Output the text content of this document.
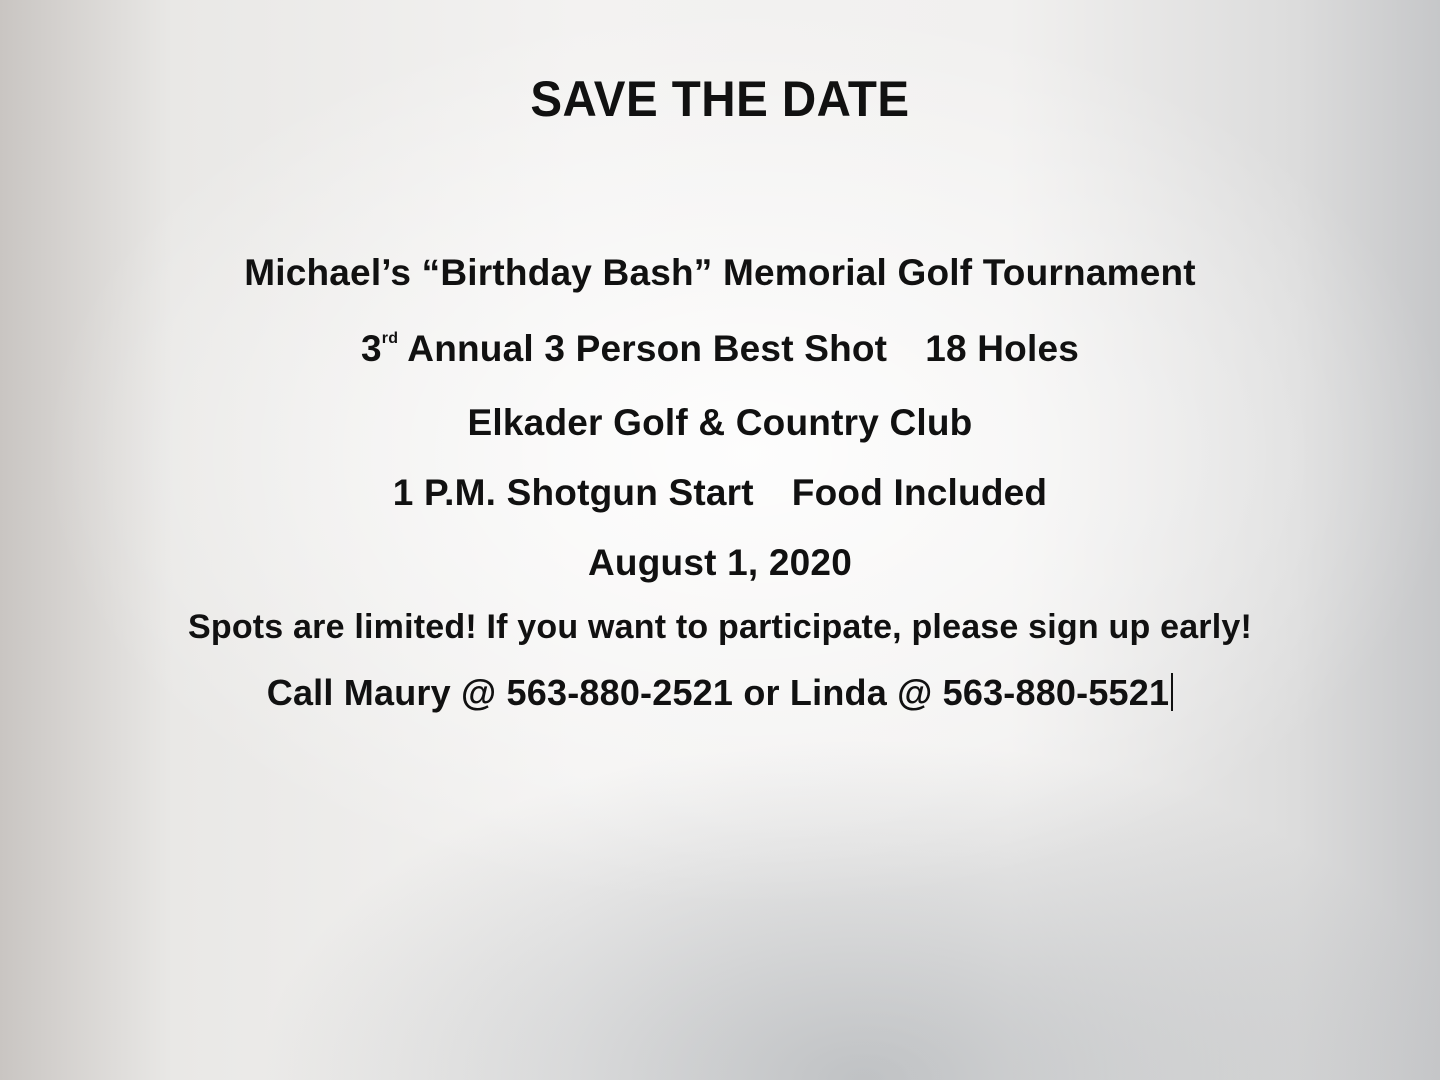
SAVE THE DATE
Michael’s “Birthday Bash” Memorial Golf Tournament
3rd Annual 3 Person Best Shot 18 Holes
Elkader Golf & Country Club
1 P.M. Shotgun Start Food Included
August 1, 2020
Spots are limited! If you want to participate, please sign up early!
Call Maury @ 563-880-2521 or Linda @ 563-880-5521
